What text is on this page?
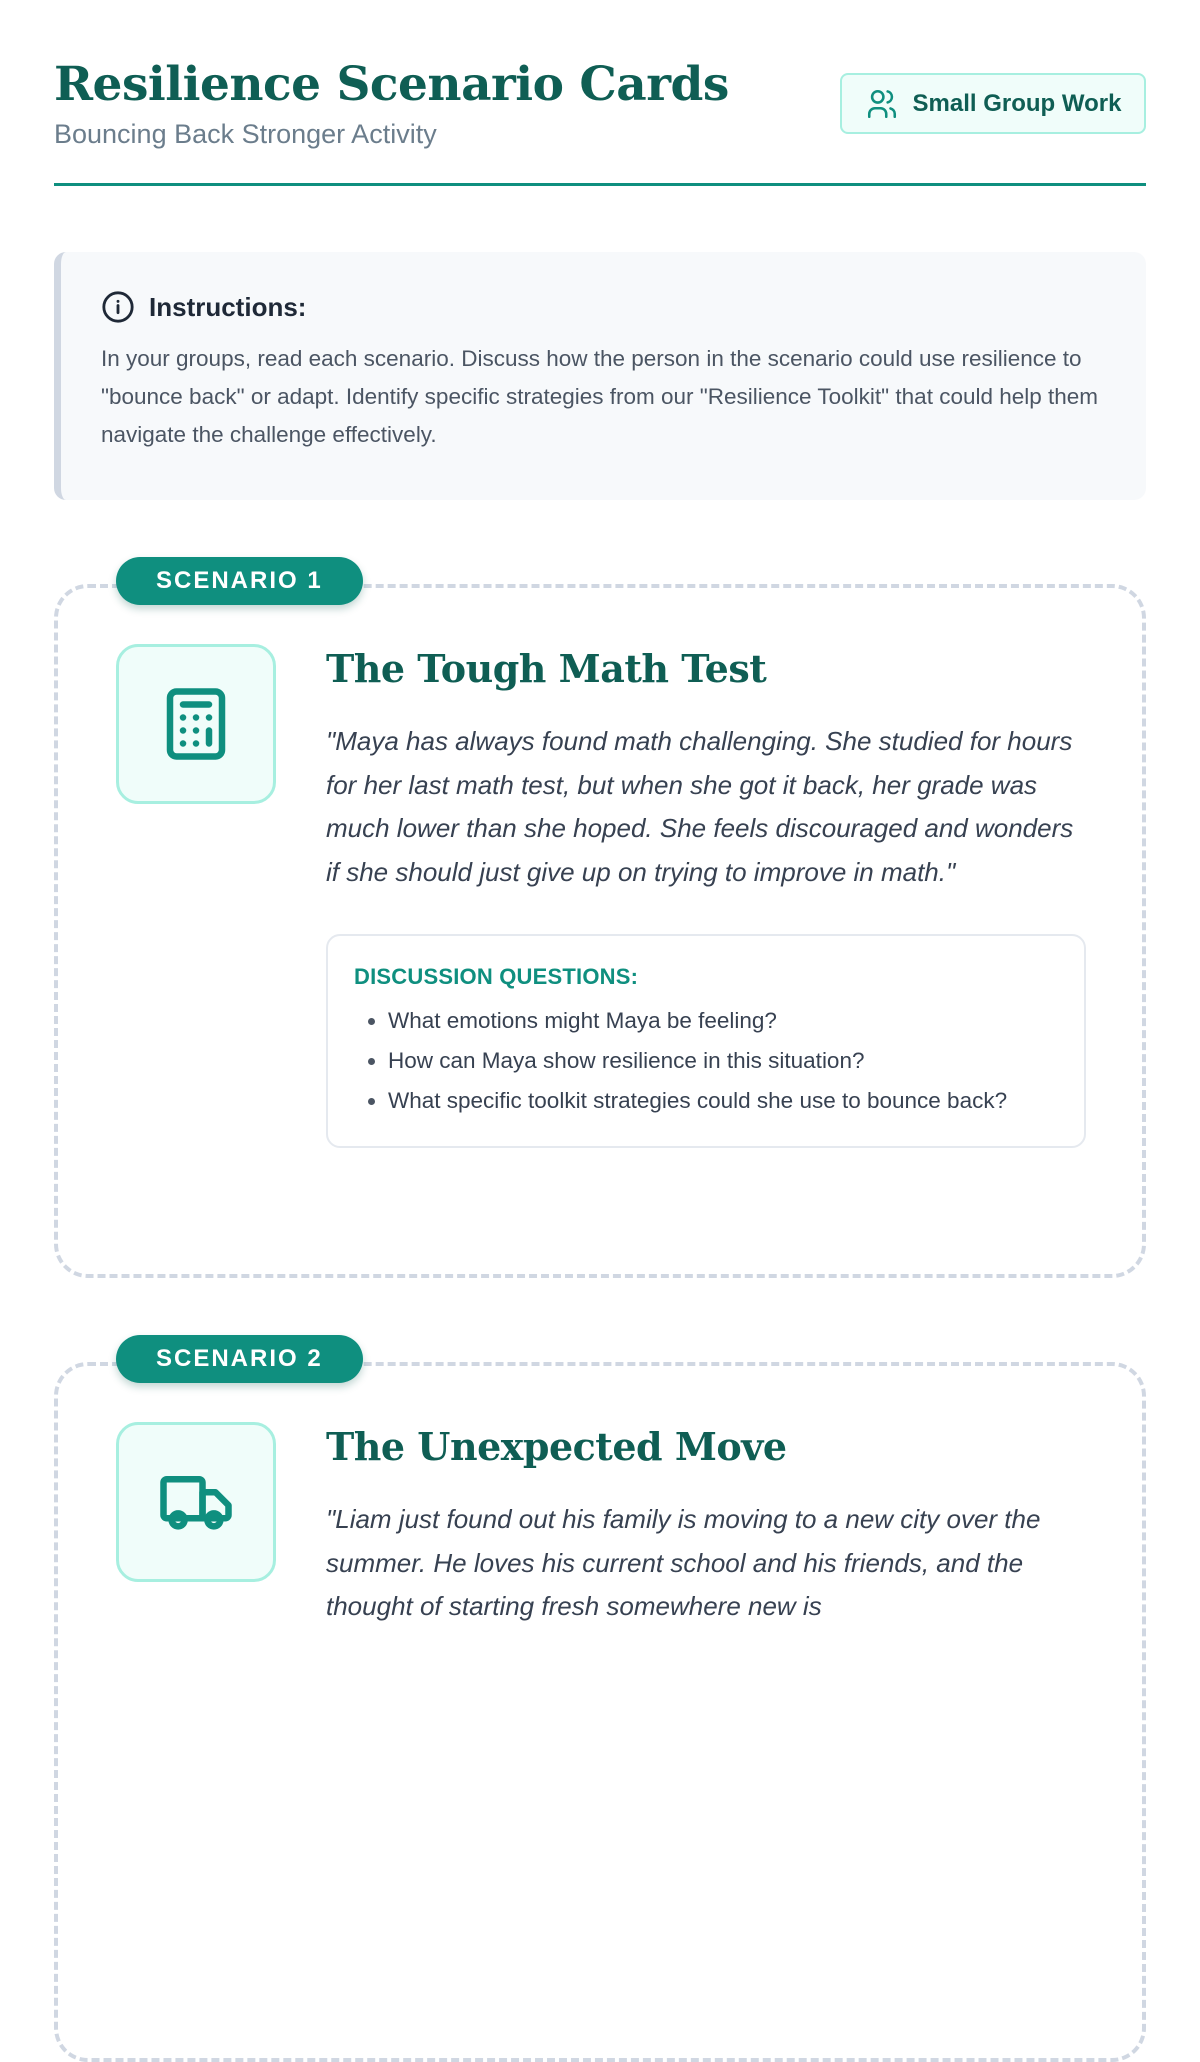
Resilience Scenario Cards
Bouncing Back Stronger Activity
Small Group Work
Instructions:
In your groups, read each scenario. Discuss how the person in the scenario could use resilience to "bounce back" or adapt. Identify specific strategies from our "Resilience Toolkit" that could help them navigate the challenge effectively.
SCENARIO 1
The Tough Math Test
"Maya has always found math challenging. She studied for hours for her last math test, but when she got it back, her grade was much lower than she hoped. She feels discouraged and wonders if she should just give up on trying to improve in math."
DISCUSSION QUESTIONS:
• What emotions might Maya be feeling?
• How can Maya show resilience in this situation?
• What specific toolkit strategies could she use to bounce back?
SCENARIO 2
The Unexpected Move
"Liam just found out his family is moving to a new city over the summer. He loves his current school and his friends, and the thought of starting fresh somewhere new is
